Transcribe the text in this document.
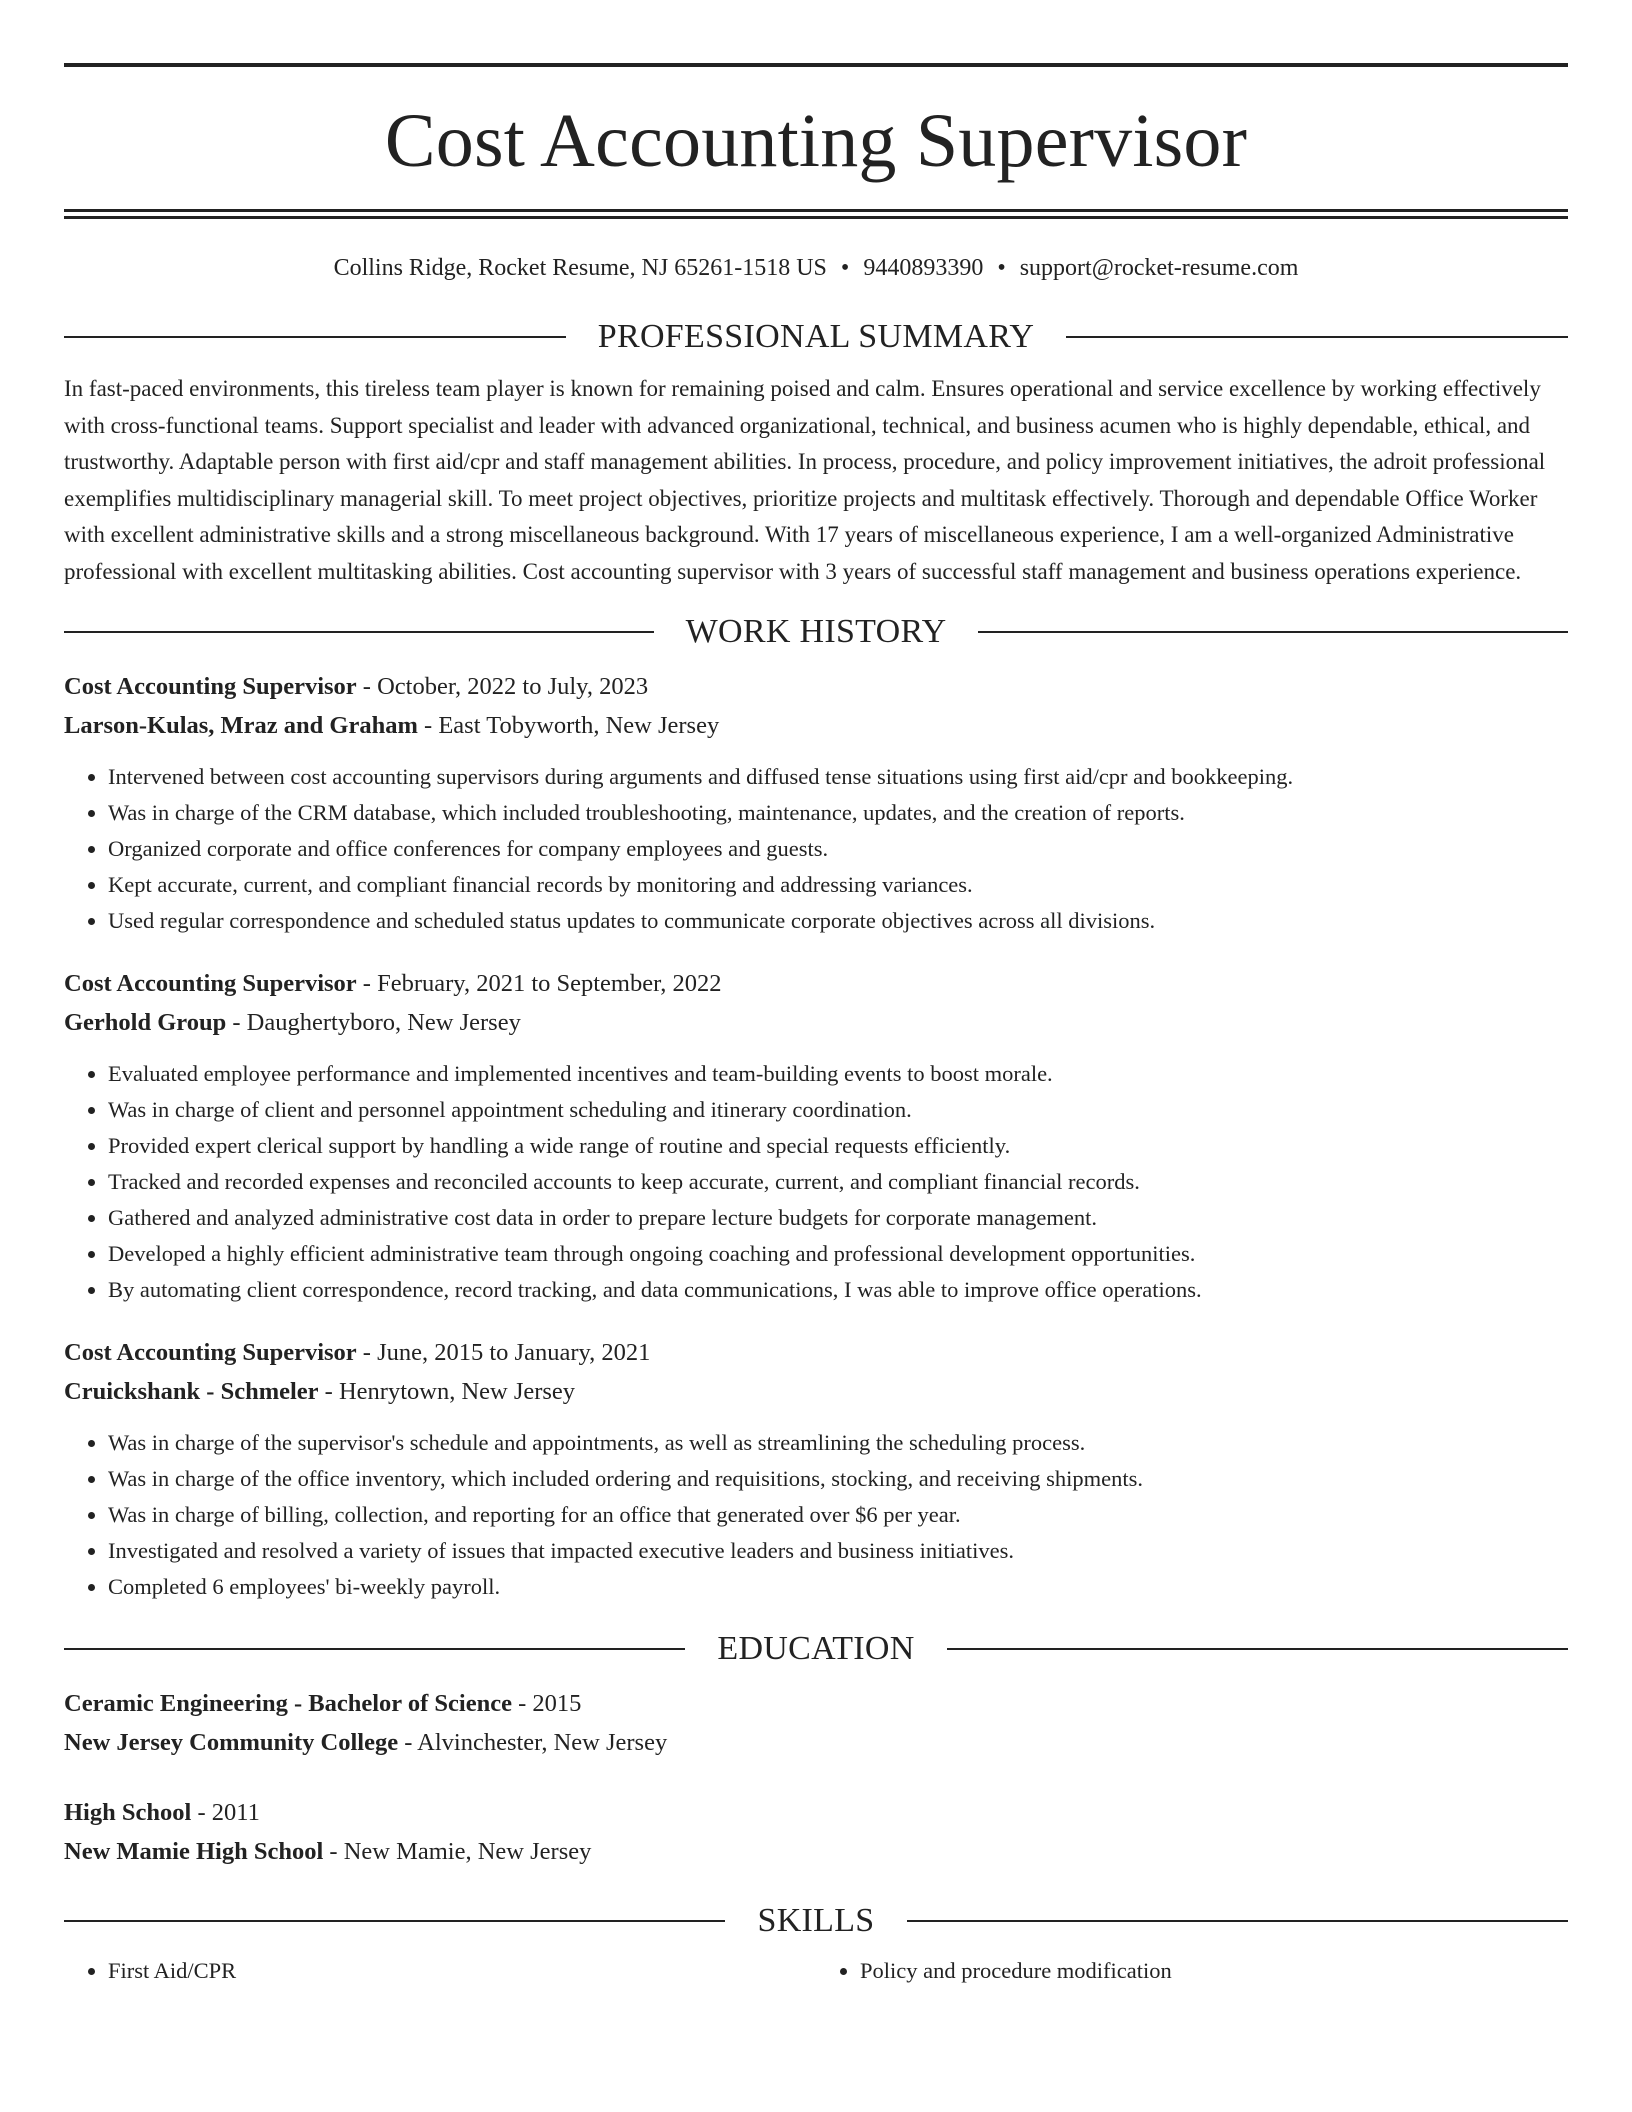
Cost Accounting Supervisor
Collins Ridge, Rocket Resume, NJ 65261-1518 US • 9440893390 • support@rocket-resume.com
PROFESSIONAL SUMMARY

In fast-paced environments, this tireless team player is known for remaining poised and calm. Ensures operational and service excellence by working effectively with cross-functional teams. Support specialist and leader with advanced organizational, technical, and business acumen who is highly dependable, ethical, and trustworthy. Adaptable person with first aid/cpr and staff management abilities. In process, procedure, and policy improvement initiatives, the adroit professional exemplifies multidisciplinary managerial skill. To meet project objectives, prioritize projects and multitask effectively. Thorough and dependable Office Worker with excellent administrative skills and a strong miscellaneous background. With 17 years of miscellaneous experience, I am a well-organized Administrative professional with excellent multitasking abilities. Cost accounting supervisor with 3 years of successful staff management and business operations experience.

WORK HISTORY
Cost Accounting Supervisor - October, 2022 to July, 2023
Larson-Kulas, Mraz and Graham - East Tobyworth, New Jersey
• Intervened between cost accounting supervisors during arguments and diffused tense situations using first aid/cpr and bookkeeping.
• Was in charge of the CRM database, which included troubleshooting, maintenance, updates, and the creation of reports.
• Organized corporate and office conferences for company employees and guests.
• Kept accurate, current, and compliant financial records by monitoring and addressing variances.
• Used regular correspondence and scheduled status updates to communicate corporate objectives across all divisions.
Cost Accounting Supervisor - February, 2021 to September, 2022
Gerhold Group - Daughertyboro, New Jersey
• Evaluated employee performance and implemented incentives and team-building events to boost morale.
• Was in charge of client and personnel appointment scheduling and itinerary coordination.
• Provided expert clerical support by handling a wide range of routine and special requests efficiently.
• Tracked and recorded expenses and reconciled accounts to keep accurate, current, and compliant financial records.
• Gathered and analyzed administrative cost data in order to prepare lecture budgets for corporate management.
• Developed a highly efficient administrative team through ongoing coaching and professional development opportunities.
• By automating client correspondence, record tracking, and data communications, I was able to improve office operations.
Cost Accounting Supervisor - June, 2015 to January, 2021
Cruickshank - Schmeler - Henrytown, New Jersey
• Was in charge of the supervisor's schedule and appointments, as well as streamlining the scheduling process.
• Was in charge of the office inventory, which included ordering and requisitions, stocking, and receiving shipments.
• Was in charge of billing, collection, and reporting for an office that generated over $6 per year.
• Investigated and resolved a variety of issues that impacted executive leaders and business initiatives.
• Completed 6 employees' bi-weekly payroll.
EDUCATION
Ceramic Engineering - Bachelor of Science - 2015
New Jersey Community College - Alvinchester, New Jersey
High School - 2011
New Mamie High School - New Mamie, New Jersey
SKILLS
• First Aid/CPR
•	Policy and procedure modification
